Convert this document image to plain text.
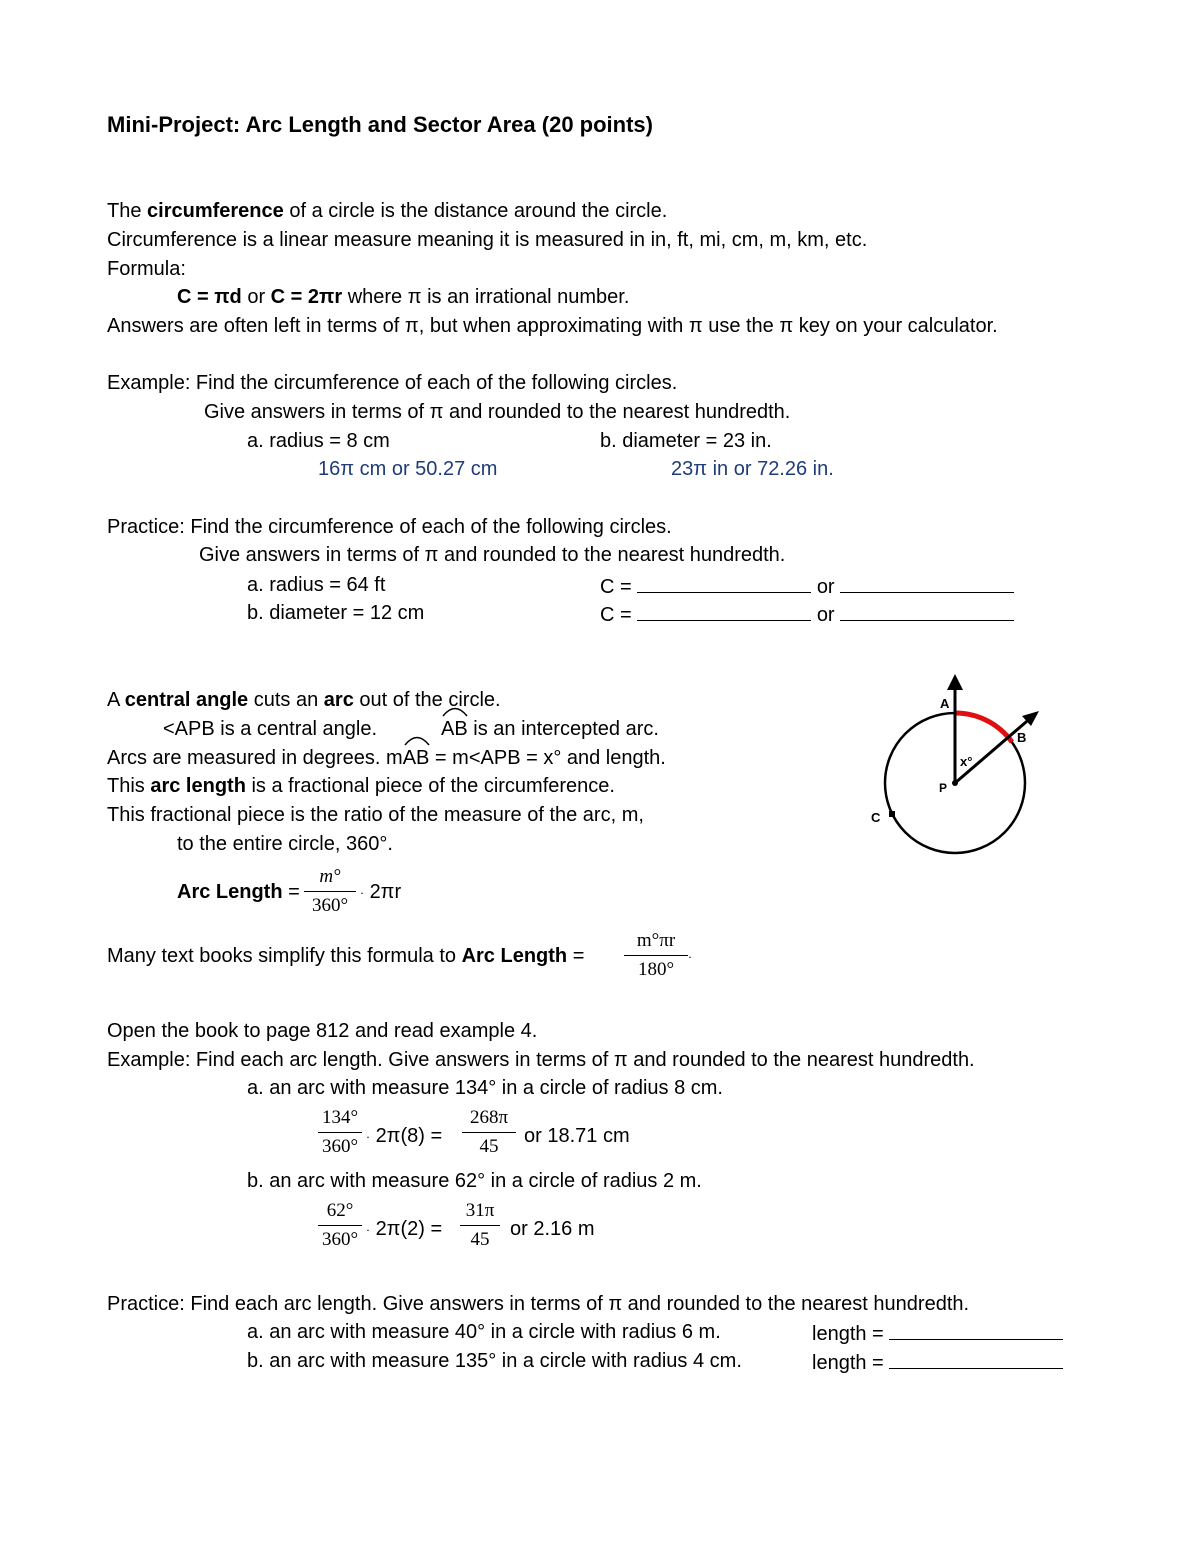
Mini-Project: Arc Length and Sector Area (20 points)
The circumference of a circle is the distance around the circle.
Circumference is a linear measure meaning it is measured in in, ft, mi, cm, m, km, etc.
Formula:
C = πd or C = 2πr where π is an irrational number.
Answers are often left in terms of π, but when approximating with π use the π key on your calculator.
Example: Find the circumference of each of the following circles.
Give answers in terms of π and rounded to the nearest hundredth.
a. radius = 8 cm	b. diameter = 23 in.
16π cm or 50.27 cm	23π in or 72.26 in.
Practice: Find the circumference of each of the following circles.
Give answers in terms of π and rounded to the nearest hundredth.
a. radius = 64 ft	C =	or
b. diameter = 12 cm	C =	or
A central angle cuts an arc out of the circle.
<APB is a central angle.	AB is an intercepted arc.
Arcs are measured in degrees. m
AB = m<APB = x° and length.
This arc length is a fractional piece of the circumference.
This fractional piece is the ratio of the measure of the arc, m,
to the entire circle, 360°.
A
B
C
P
x°
Arc Length =
m°
360°
· 2πr
Many text books simplify this formula to Arc Length =
m°πr
180°
·
Open the book to page 812 and read example 4.
Example: Find each arc length. Give answers in terms of π and rounded to the nearest hundredth.
a. an arc with measure 134° in a circle of radius 8 cm.
134°
360° · 2π(8) =
268π
45	or 18.71 cm
b. an arc with measure 62° in a circle of radius 2 m.
62°
360° · 2π(2) =
31π
45	or 2.16 m
Practice: Find each arc length. Give answers in terms of π and rounded to the nearest hundredth.
a. an arc with measure 40° in a circle with radius 6 m.	length =
b. an arc with measure 135° in a circle with radius 4 cm.	length =
